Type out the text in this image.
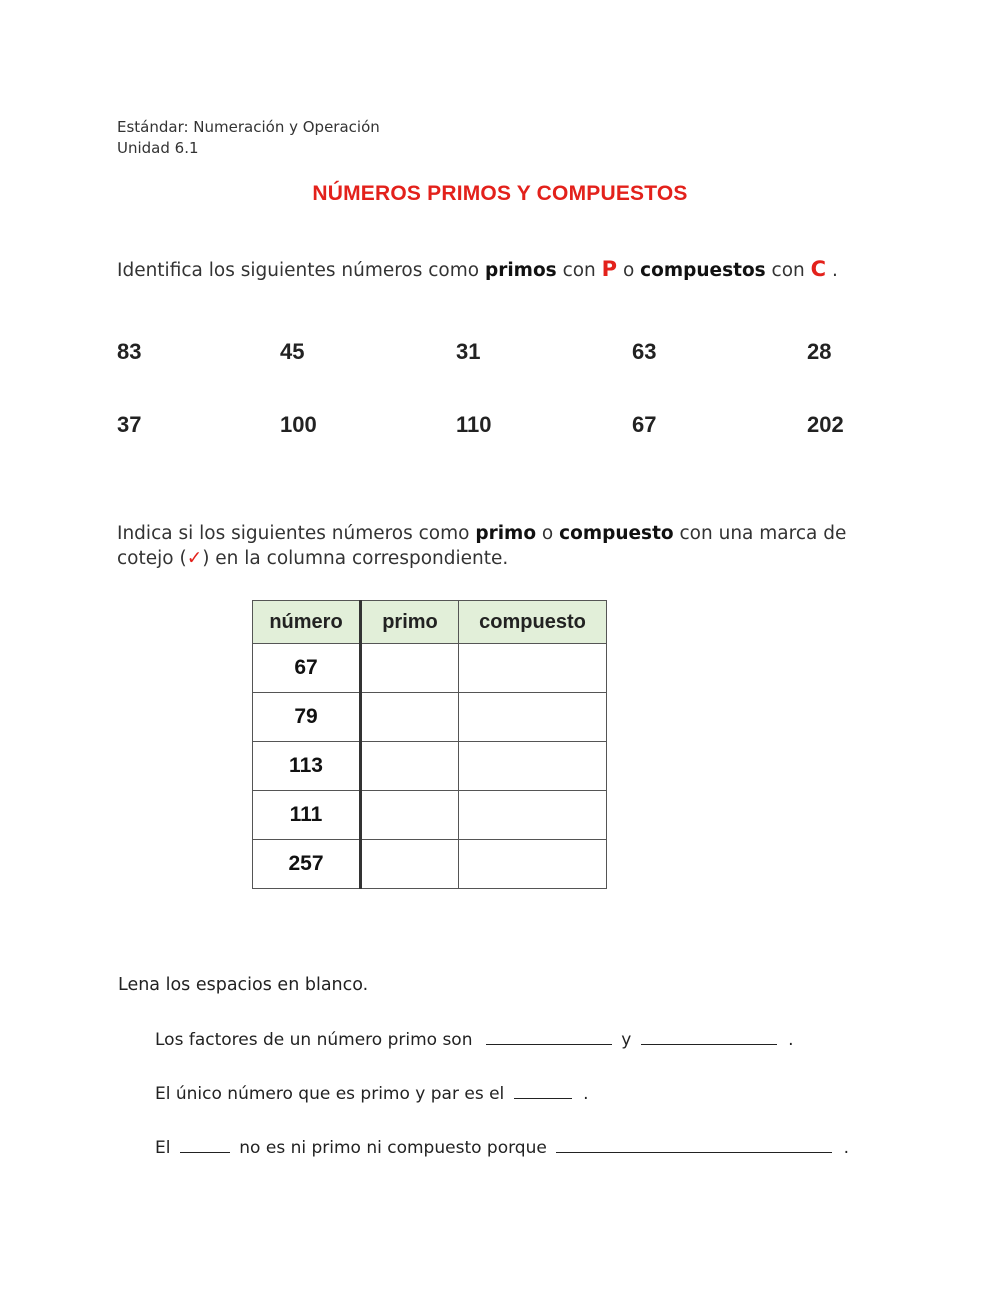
Estándar: Numeración y Operación
Unidad 6.1
NÚMEROS PRIMOS Y COMPUESTOS
Identifica los siguientes números como primos con P o compuestos con C .
83	45	31	63	28
37	100	110	67	202
Indica si los siguientes números como primo o compuesto con una marca de
cotejo (✓) en la columna correspondiente.
número	primo	compuesto
67		
79		
113		
111		
257		
Lena los espacios en blanco.
Los factores de un número primo son	y	.
El único número que es primo y par es el	.
El	no es ni primo ni compuesto porque	.
